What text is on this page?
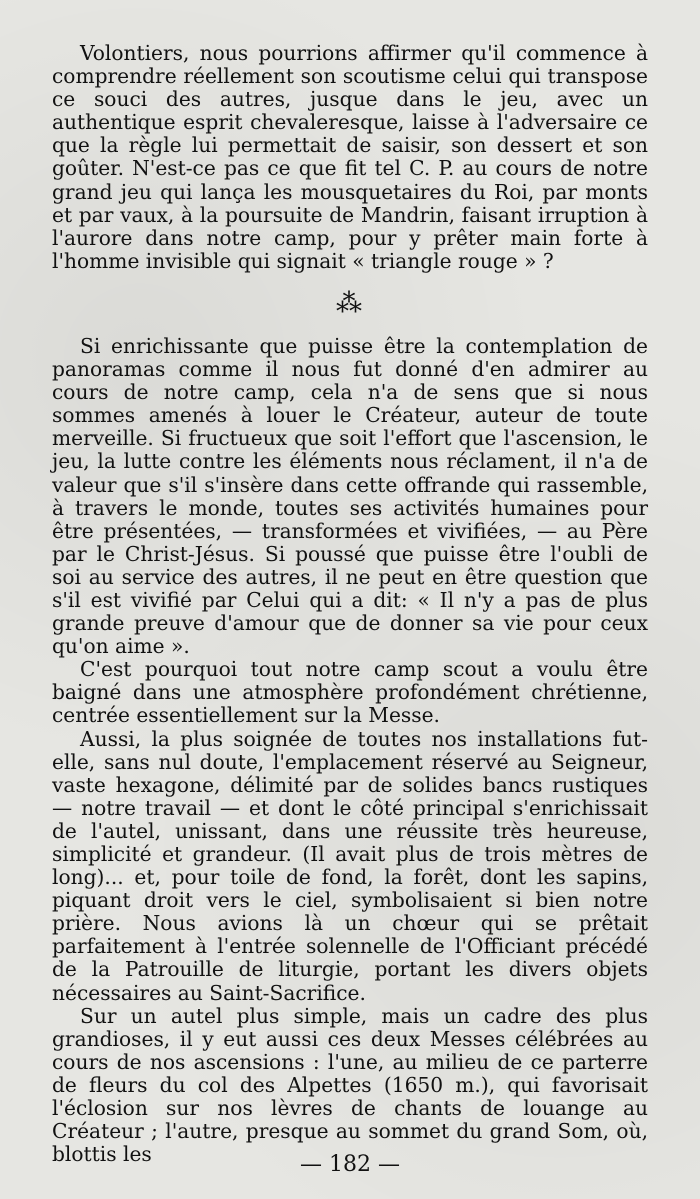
Volontiers, nous pourrions affirmer qu'il commence à comprendre réellement son scoutisme celui qui transpose ce souci des autres, jusque dans le jeu, avec un authentique esprit chevaleresque, laisse à l'adversaire ce que la règle lui permettait de saisir, son dessert et son goûter. N'est-ce pas ce que fit tel C. P. au cours de notre grand jeu qui lança les mousquetaires du Roi, par monts et par vaux, à la poursuite de Mandrin, faisant irruption à l'aurore dans notre camp, pour y prêter main forte à l'homme invisible qui signait « triangle rouge » ?

⁂

Si enrichissante que puisse être la contemplation de panoramas comme il nous fut donné d'en admirer au cours de notre camp, cela n'a de sens que si nous sommes amenés à louer le Créateur, auteur de toute merveille. Si fructueux que soit l'effort que l'ascension, le jeu, la lutte contre les éléments nous réclament, il n'a de valeur que s'il s'insère dans cette offrande qui rassemble, à travers le monde, toutes ses activités humaines pour être présentées, — transformées et vivifiées, — au Père par le Christ-Jésus. Si poussé que puisse être l'oubli de soi au service des autres, il ne peut en être question que s'il est vivifié par Celui qui a dit: « Il n'y a pas de plus grande preuve d'amour que de donner sa vie pour ceux qu'on aime ».

C'est pourquoi tout notre camp scout a voulu être baigné dans une atmosphère profondément chrétienne, centrée essentiellement sur la Messe.

Aussi, la plus soignée de toutes nos installations fut-elle, sans nul doute, l'emplacement réservé au Seigneur, vaste hexagone, délimité par de solides bancs rustiques — notre travail — et dont le côté principal s'enrichissait de l'autel, unissant, dans une réussite très heureuse, simplicité et grandeur. (Il avait plus de trois mètres de long)... et, pour toile de fond, la forêt, dont les sapins, piquant droit vers le ciel, symbolisaient si bien notre prière. Nous avions là un chœur qui se prêtait parfaitement à l'entrée solennelle de l'Officiant précédé de la Patrouille de liturgie, portant les divers objets nécessaires au Saint-Sacrifice.

Sur un autel plus simple, mais un cadre des plus grandioses, il y eut aussi ces deux Messes célébrées au cours de nos ascensions : l'une, au milieu de ce parterre de fleurs du col des Alpettes (1650 m.), qui favorisait l'éclosion sur nos lèvres de chants de louange au Créateur ; l'autre, presque au sommet du grand Som, où, blottis les	— 182 —
